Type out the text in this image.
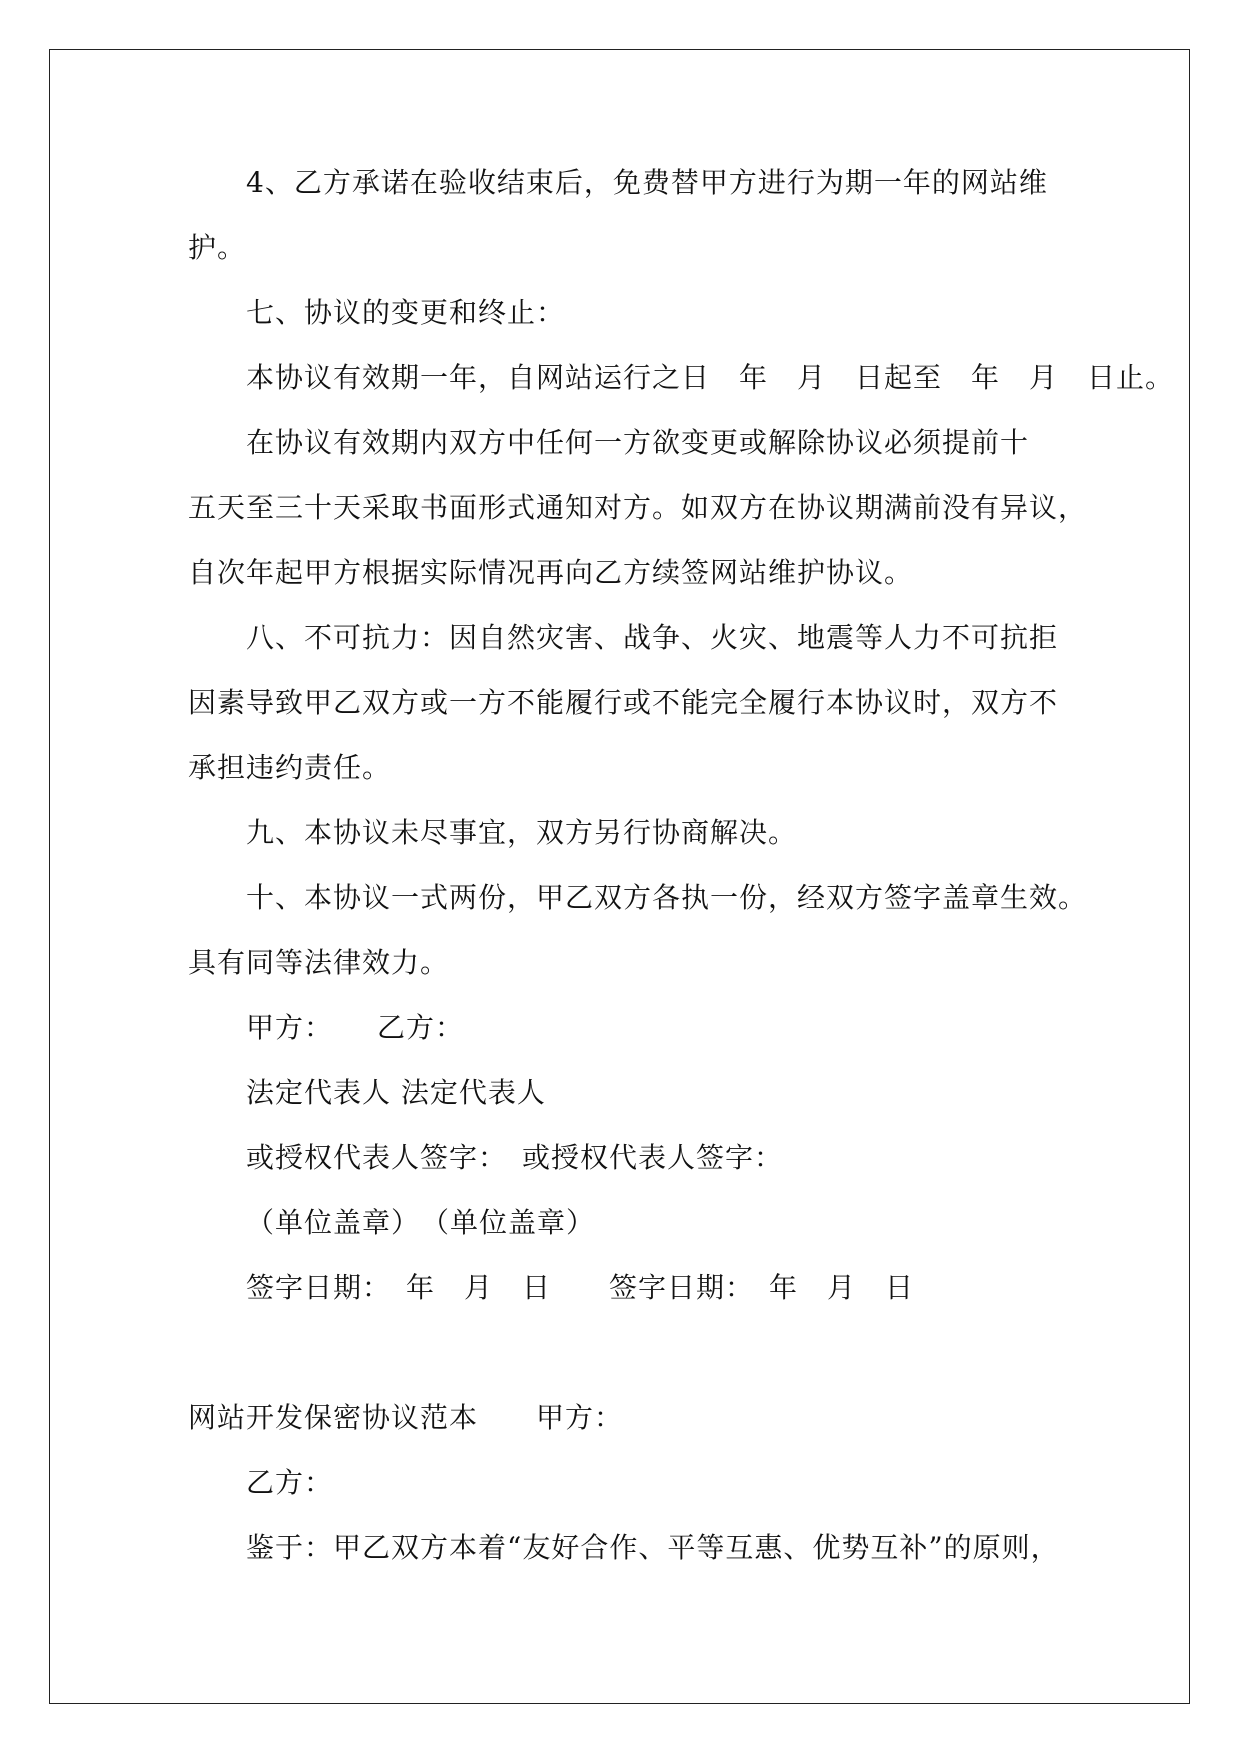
4、乙方承诺在验收结束后，免费替甲方进行为期一年的网站维
护。
七、协议的变更和终止：
本协议有效期一年，自网站运行之日　年　月　日起至　年　月　日止。
在协议有效期内双方中任何一方欲变更或解除协议必须提前十
五天至三十天采取书面形式通知对方。如双方在协议期满前没有异议，
自次年起甲方根据实际情况再向乙方续签网站维护协议。
八、不可抗力：因自然灾害、战争、火灾、地震等人力不可抗拒
因素导致甲乙双方或一方不能履行或不能完全履行本协议时，双方不
承担违约责任。
九、本协议未尽事宜，双方另行协商解决。
十、本协议一式两份，甲乙双方各执一份，经双方签字盖章生效。
具有同等法律效力。
甲方：　　乙方：
法定代表人 法定代表人
或授权代表人签字：　或授权代表人签字：
（单位盖章）　（单位盖章）
签字日期：　年　月　日　　签字日期：　年　月　日
网站开发保密协议范本　　甲方：
乙方：
鉴于：甲乙双方本着“友好合作、平等互惠、优势互补”的原则，
